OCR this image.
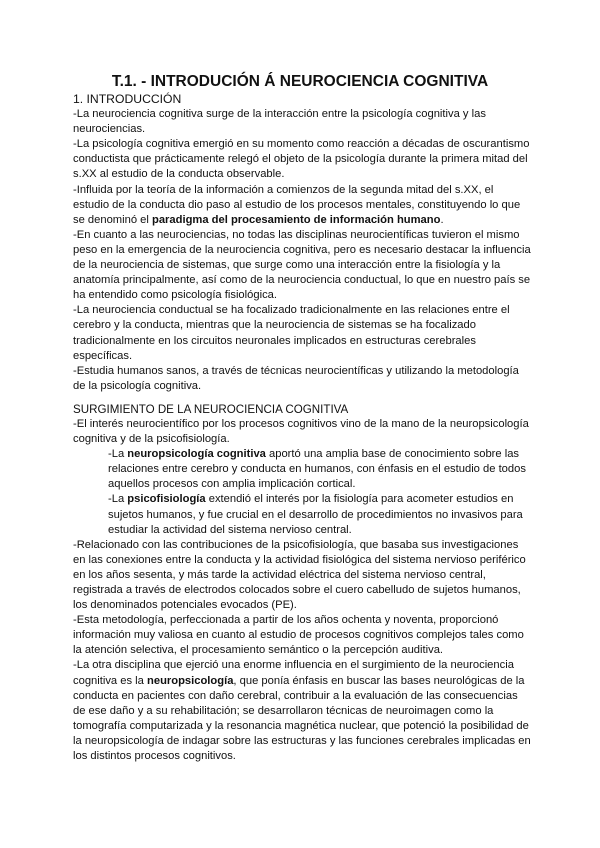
T.1. - INTRODUCIÓN Á NEUROCIENCIA COGNITIVA
1. INTRODUCCIÓN

-La neurociencia cognitiva surge de la interacción entre la psicología cognitiva y las neurociencias.

-La psicología cognitiva emergió en su momento como reacción a décadas de oscurantismo conductista que prácticamente relegó el objeto de la psicología durante la primera mitad del s.XX al estudio de la conducta observable.

-Influida por la teoría de la información a comienzos de la segunda mitad del s.XX, el estudio de la conducta dio paso al estudio de los procesos mentales, constituyendo lo que se denominó el paradigma del procesamiento de información humano.

-En cuanto a las neurociencias, no todas las disciplinas neurocientíficas tuvieron el mismo peso en la emergencia de la neurociencia cognitiva, pero es necesario destacar la influencia de la neurociencia de sistemas, que surge como una interacción entre la fisiología y la anatomía principalmente, así como de la neurociencia conductual, lo que en nuestro país se ha entendido como psicología fisiológica.

-La neurociencia conductual se ha focalizado tradicionalmente en las relaciones entre el cerebro y la conducta, mientras que la neurociencia de sistemas se ha focalizado tradicionalmente en los circuitos neuronales implicados en estructuras cerebrales específicas.

-Estudia humanos sanos, a través de técnicas neurocientíficas y utilizando la metodología de la psicología cognitiva.

SURGIMIENTO DE LA NEUROCIENCIA COGNITIVA

-El interés neurocientífico por los procesos cognitivos vino de la mano de la neuropsicología cognitiva y de la psicofisiología.

-La neuropsicología cognitiva aportó una amplia base de conocimiento sobre las relaciones entre cerebro y conducta en humanos, con énfasis en el estudio de todos aquellos procesos con amplia implicación cortical.

-La psicofisiología extendió el interés por la fisiología para acometer estudios en sujetos humanos, y fue crucial en el desarrollo de procedimientos no invasivos para estudiar la actividad del sistema nervioso central.

-Relacionado con las contribuciones de la psicofisiología, que basaba sus investigaciones en las conexiones entre la conducta y la actividad fisiológica del sistema nervioso periférico en los años sesenta, y más tarde la actividad eléctrica del sistema nervioso central, registrada a través de electrodos colocados sobre el cuero cabelludo de sujetos humanos, los denominados potenciales evocados (PE).

-Esta metodología, perfeccionada a partir de los años ochenta y noventa, proporcionó información muy valiosa en cuanto al estudio de procesos cognitivos complejos tales como la atención selectiva, el procesamiento semántico o la percepción auditiva.

-La otra disciplina que ejerció una enorme influencia en el surgimiento de la neurociencia cognitiva es la neuropsicología, que ponía énfasis en buscar las bases neurológicas de la conducta en pacientes con daño cerebral, contribuir a la evaluación de las consecuencias de ese daño y a su rehabilitación; se desarrollaron técnicas de neuroimagen como la tomografía computarizada y la resonancia magnética nuclear, que potenció la posibilidad de la neuropsicología de indagar sobre las estructuras y las funciones cerebrales implicadas en los distintos procesos cognitivos.
